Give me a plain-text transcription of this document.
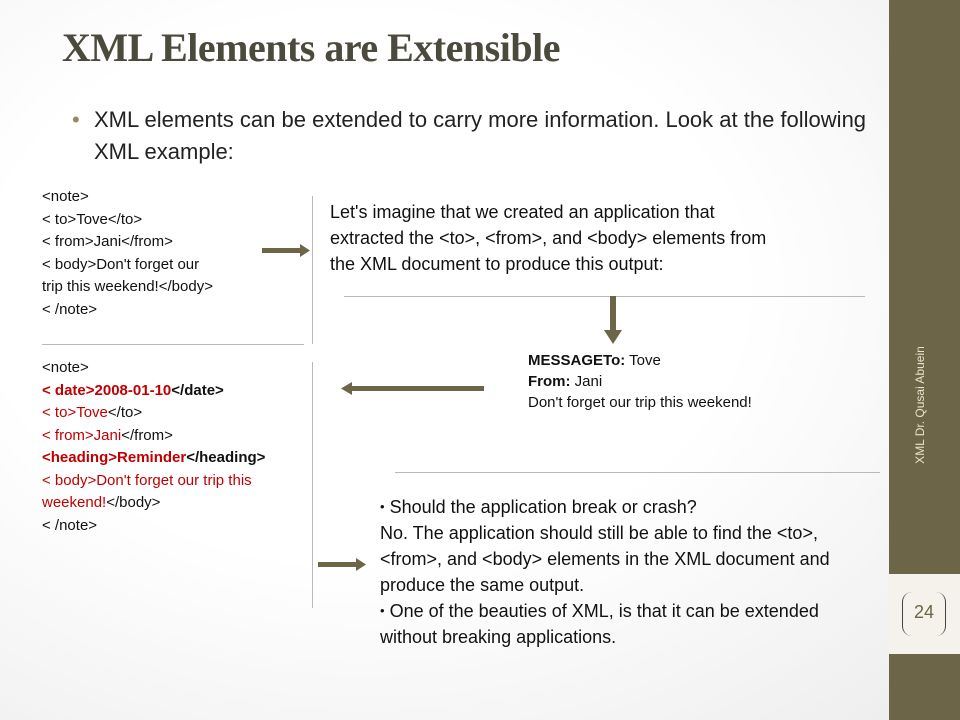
XML Elements are Extensible
• XML elements can be extended to carry more information. Look at the following XML example:
<note>
< to>Tove</to>
< from>Jani</from>
< body>Don't forget our
trip this weekend!</body>
< /note>
Let's imagine that we created an application that
extracted the <to>, <from>, and <body> elements from
the XML document to produce this output:
MESSAGETo: Tove
From: Jani
Don't forget our trip this weekend!
<note>
< date>2008-01-10</date>
< to>Tove</to>
< from>Jani</from>
<heading>Reminder</heading>
< body>Don't forget our trip this
weekend!</body>
< /note>
XML Dr. Qusai Abuein
24
• Should the application break or crash?
No. The application should still be able to find the <to>,
<from>, and <body> elements in the XML document and
produce the same output.
• One of the beauties of XML, is that it can be extended
without breaking applications.
